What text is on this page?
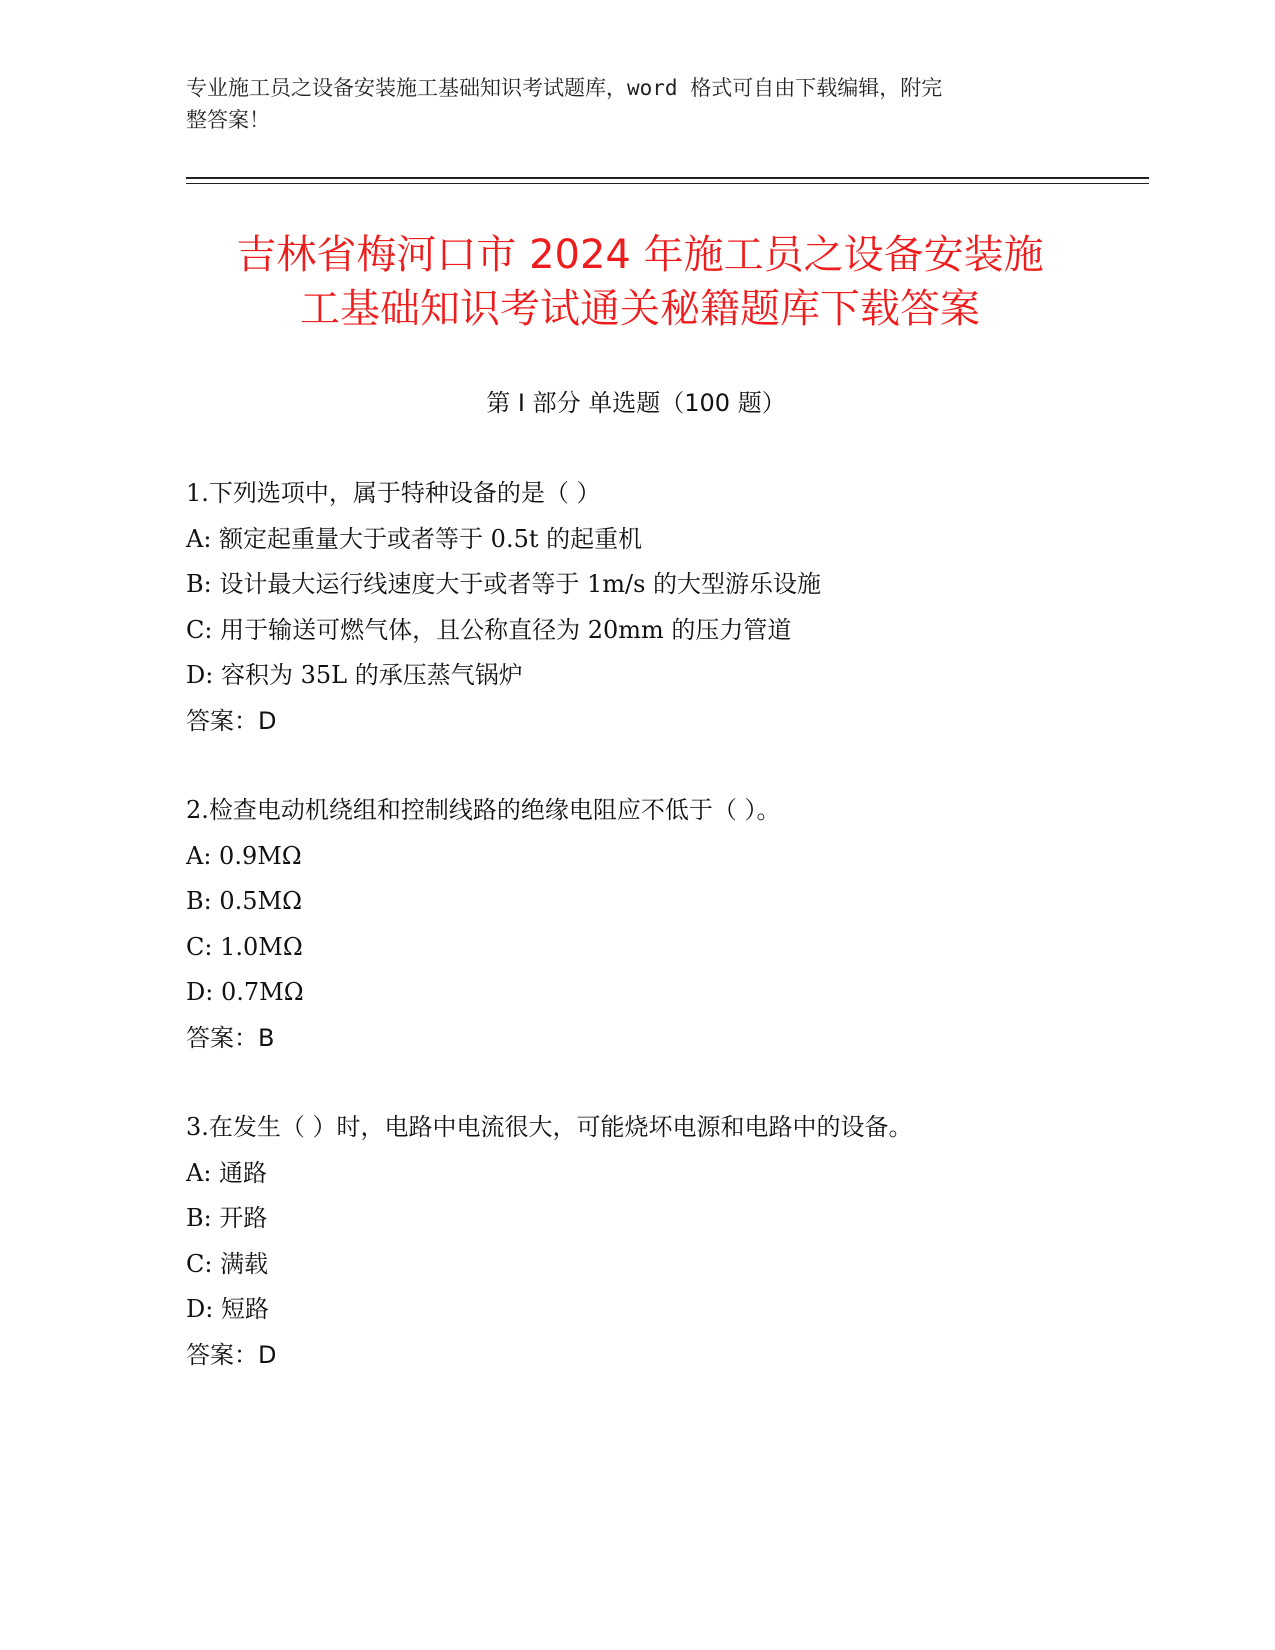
专业施工员之设备安装施工基础知识考试题库，word 格式可自由下载编辑，附完
整答案！
吉林省梅河口市 2024 年施工员之设备安装施
工基础知识考试通关秘籍题库下载答案
第 I 部分 单选题（100 题）
1.下列选项中，属于特种设备的是（ ）
A: 额定起重量大于或者等于 0.5t 的起重机
B: 设计最大运行线速度大于或者等于 1m/s 的大型游乐设施
C: 用于输送可燃气体，且公称直径为 20mm 的压力管道
D: 容积为 35L 的承压蒸气锅炉
答案：D
2.检查电动机绕组和控制线路的绝缘电阻应不低于（ ）。
A: 0.9MΩ
B: 0.5MΩ
C: 1.0MΩ
D: 0.7MΩ
答案：B
3.在发生（ ）时，电路中电流很大，可能烧坏电源和电路中的设备。
A: 通路
B: 开路
C: 满载
D: 短路
答案：D
